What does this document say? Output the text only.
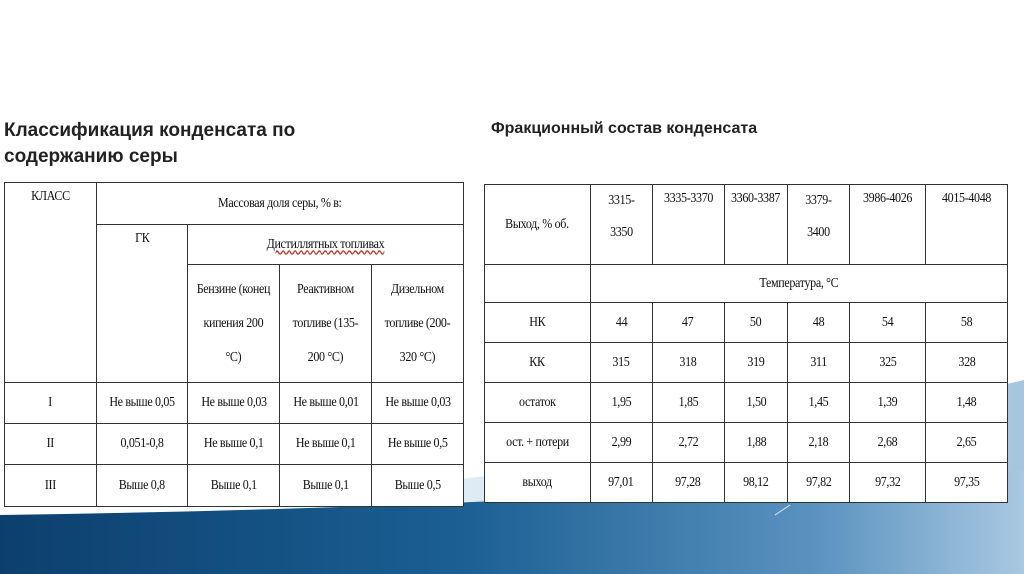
Классификация конденсата по содержанию серы
Фракционный состав конденсата
КЛАСС	Массовая доля серы, % в:			
	ГК	Дистиллятных топливах		
		Бензине (конец кипения 200 °С)	Реактивном топливе (135-200 °С)	Дизельном топливе (200-320 °С)
I	Не выше 0,05	Не выше 0,03	Не выше 0,01	Не выше 0,03
II	0,051-0,8	Не выше 0,1	Не выше 0,1	Не выше 0,5
III	Выше 0,8	Выше 0,1	Выше 0,1	Выше 0,5
Выход, % об.	3315-3350	3335-3370	3360-3387	3379-3400	3986-4026	4015-4048
	Температура, °С					
НК	44	47	50	48	54	58
КК	315	318	319	311	325	328
остаток	1,95	1,85	1,50	1,45	1,39	1,48
ост. + потери	2,99	2,72	1,88	2,18	2,68	2,65
выход	97,01	97,28	98,12	97,82	97,32	97,35
